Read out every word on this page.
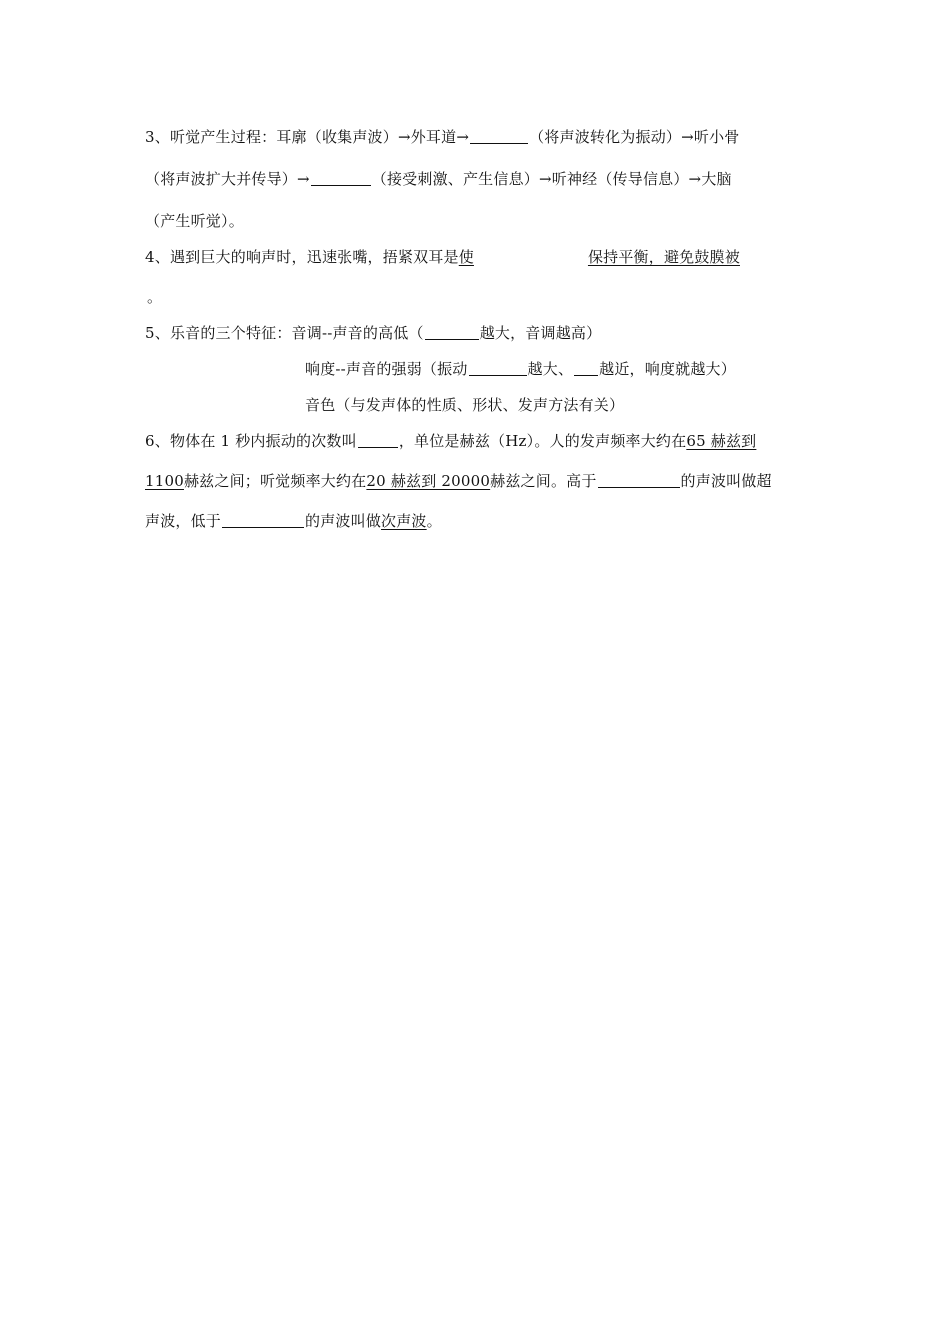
3、听觉产生过程：耳廓（收集声波）→外耳道→	（将声波转化为振动）→听小骨
（将声波扩大并传导）→	（接受刺激、产生信息）→听神经（传导信息）→大脑
（产生听觉）。
4、遇到巨大的响声时，迅速张嘴，捂紧双耳是使	保持平衡，避免鼓膜被
。
5、乐音的三个特征：音调--声音的高低（	越大，音调越高）
响度--声音的强弱（振动	越大、 越近，响度就越大）
音色（与发声体的性质、形状、发声方法有关）
6、物体在 1 秒内振动的次数叫	，单位是赫兹（Hz）。人的发声频率大约在65 赫兹到
1100赫兹之间；听觉频率大约在20 赫兹到 20000赫兹之间。高于	的声波叫做超
声波，低于	的声波叫做次声波。
